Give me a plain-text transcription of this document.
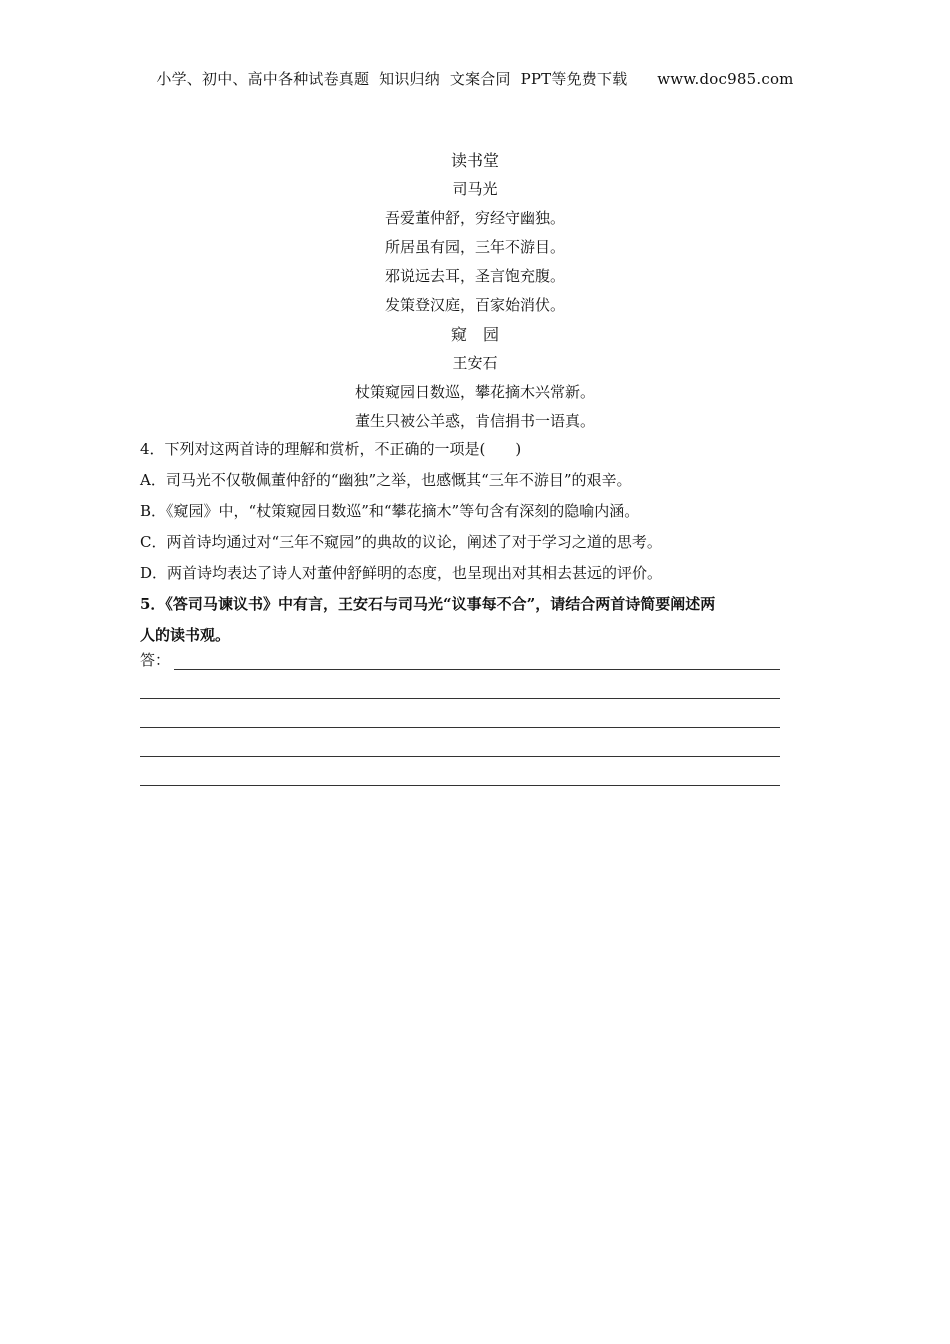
小学、初中、高中各种试卷真题  知识归纳  文案合同  PPT等免费下载      www.doc985.com
读书堂
司马光
吾爱董仲舒，穷经守幽独。
所居虽有园，三年不游目。
邪说远去耳，圣言饱充腹。
发策登汉庭，百家始消伏。
窥　园
王安石
杖策窥园日数巡，攀花摘木兴常新。
董生只被公羊惑，肯信捐书一语真。
4．下列对这两首诗的理解和赏析，不正确的一项是(　　)
A．司马光不仅敬佩董仲舒的“幽独”之举，也感慨其“三年不游目”的艰辛。
B．《窥园》中，“杖策窥园日数巡”和“攀花摘木”等句含有深刻的隐喻内涵。
C．两首诗均通过对“三年不窥园”的典故的议论，阐述了对于学习之道的思考。
D．两首诗均表达了诗人对董仲舒鲜明的态度，也呈现出对其相去甚远的评价。
5．《答司马谏议书》中有言，王安石与司马光“议事每不合”，请结合两首诗简要阐述两
人的读书观。
答：
